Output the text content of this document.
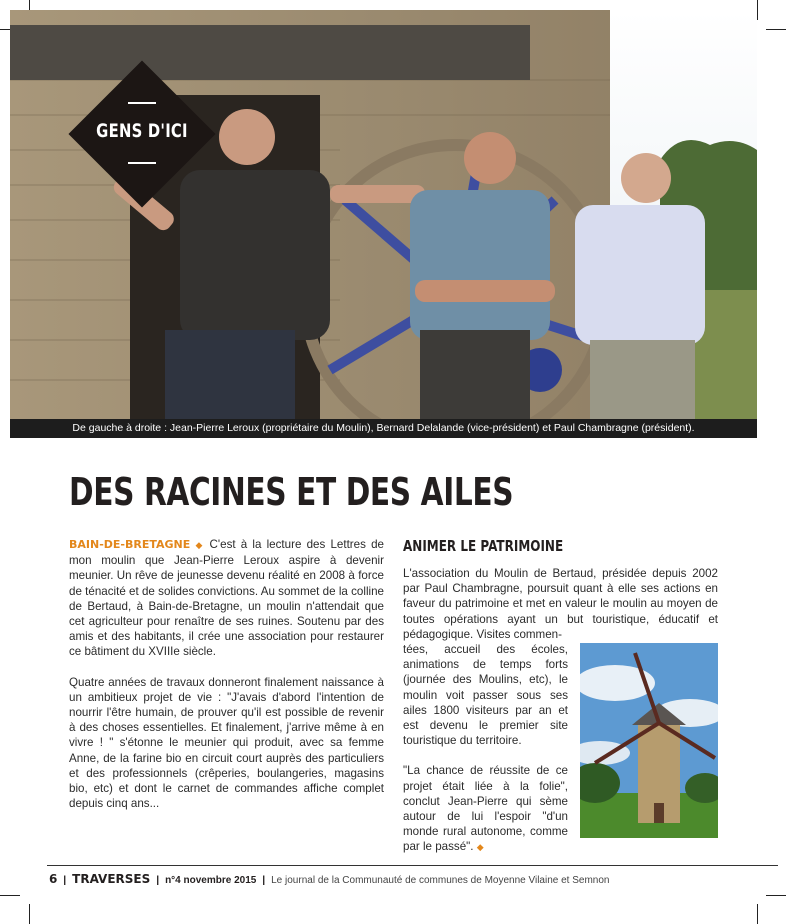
GENS D'ICI
De gauche à droite : Jean-Pierre Leroux (propriétaire du Moulin), Bernard Delalande (vice-président) et Paul Chambragne (président).
DES RACINES ET DES AILES

BAIN-DE-BRETAGNE ◆ C'est à la lecture des Lettres de mon moulin que Jean-Pierre Leroux aspire à devenir meunier. Un rêve de jeunesse devenu réalité en 2008 à force de ténacité et de solides convictions. Au sommet de la colline de Bertaud, à Bain-de-Bretagne, un moulin n'attendait que cet agriculteur pour renaître de ses ruines. Soutenu par des amis et des habitants, il crée une association pour restaurer ce bâtiment du XVIIIe siècle.

Quatre années de travaux donneront finalement naissance à un ambitieux projet de vie : "J'avais d'abord l'intention de nourrir l'être humain, de prouver qu'il est possible de revenir à des choses essentielles. Et finalement, j'arrive même à en vivre ! " s'étonne le meunier qui produit, avec sa femme Anne, de la farine bio en circuit court auprès des particuliers et des professionnels (crêperies, boulangeries, magasins bio, etc) et dont le carnet de commandes affiche complet depuis cinq ans...

ANIMER LE PATRIMOINE
L'association du Moulin de Bertaud, présidée depuis 2002 par Paul Chambragne, poursuit quant à elle ses actions en faveur du patrimoine et met en valeur le moulin au moyen de toutes opérations ayant un but touristique, éducatif et pédagogique. Visites commen-

tées, accueil des écoles, animations de temps forts (journée des Moulins, etc), le moulin voit passer sous ses ailes 1800 visiteurs par an et est devenu le premier site touristique du territoire.

"La chance de réussite de ce projet était liée à la folie", conclut Jean-Pierre qui sème autour de lui l'espoir "d'un monde rural autonome, comme par le passé". ◆

6 | TRAVERSES | n°4 novembre 2015 | Le journal de la Communauté de communes de Moyenne Vilaine et Semnon
